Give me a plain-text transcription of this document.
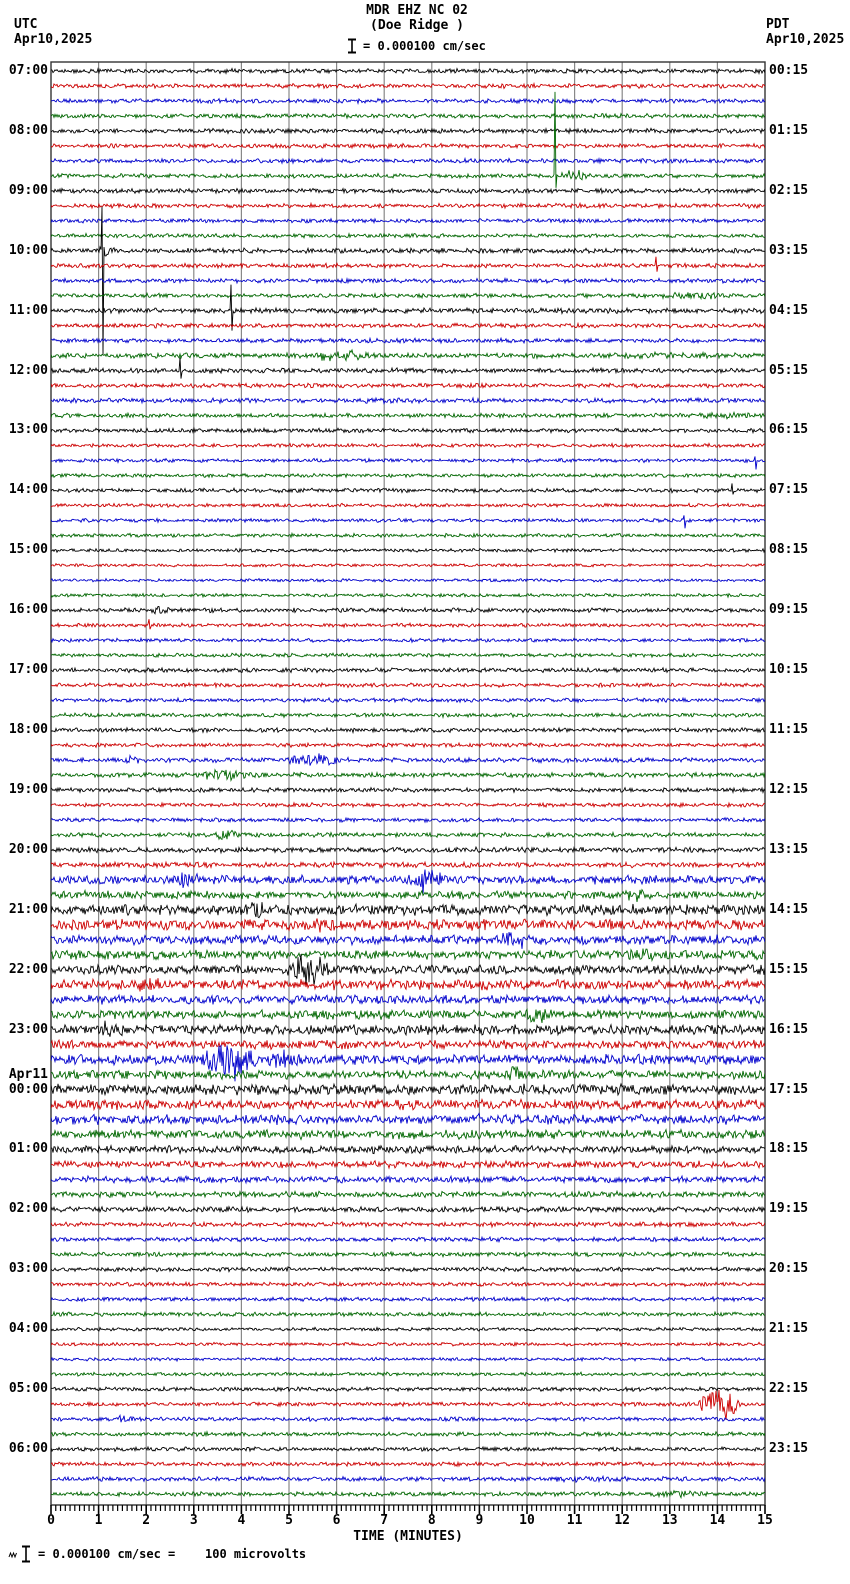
MDR EHZ NC 02
(Doe Ridge )
UTC
Apr10,2025
PDT
Apr10,2025
= 0.000100 cm/sec
07:00
08:00
09:00
10:00
11:00
12:00
13:00
14:00
15:00
16:00
17:00
18:00
19:00
20:00
21:00
22:00
23:00
Apr11
00:00
01:00
02:00
03:00
04:00
05:00
06:00
00:15
01:15
02:15
03:15
04:15
05:15
06:15
07:15
08:15
09:15
10:15
11:15
12:15
13:15
14:15
15:15
16:15
17:15
18:15
19:15
20:15
21:15
22:15
23:15
0	1	2	3	4	5	6	7	8	9	10 11 12 13 14 15
TIME (MINUTES)
= 0.000100 cm/sec = 100 microvolts
